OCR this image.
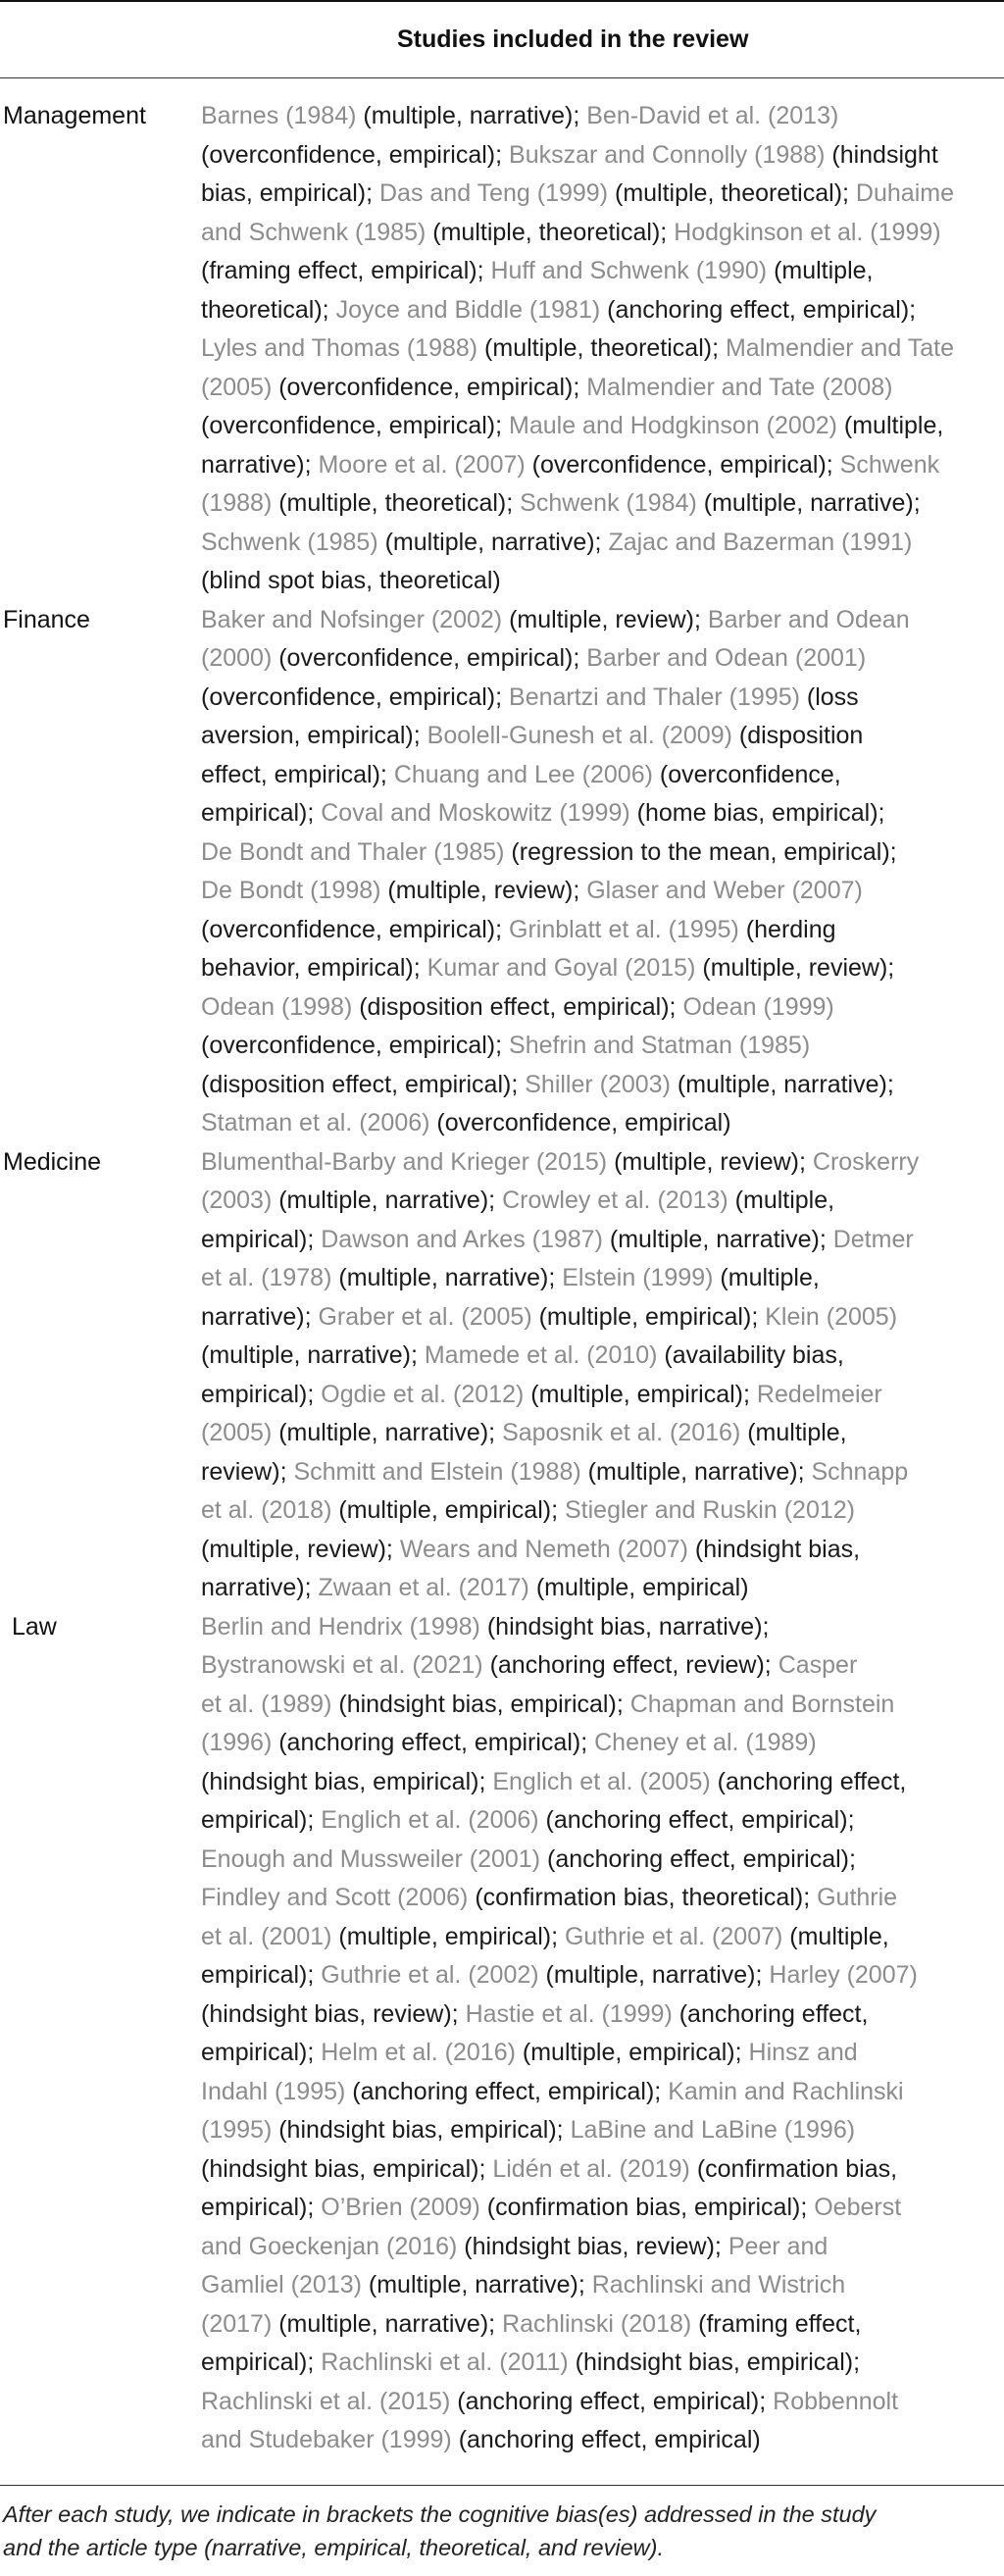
Studies included in the review
Management Barnes (1984) (multiple, narrative); Ben-David et al. (2013)
(overconfidence, empirical); Bukszar and Connolly (1988) (hindsight
bias, empirical); Das and Teng (1999) (multiple, theoretical); Duhaime
and Schwenk (1985) (multiple, theoretical); Hodgkinson et al. (1999)
(framing effect, empirical); Huff and Schwenk (1990) (multiple,
theoretical); Joyce and Biddle (1981) (anchoring effect, empirical);
Lyles and Thomas (1988) (multiple, theoretical); Malmendier and Tate
(2005) (overconfidence, empirical); Malmendier and Tate (2008)
(overconfidence, empirical); Maule and Hodgkinson (2002) (multiple,
narrative); Moore et al. (2007) (overconfidence, empirical); Schwenk
(1988) (multiple, theoretical); Schwenk (1984) (multiple, narrative);
Schwenk (1985) (multiple, narrative); Zajac and Bazerman (1991)
(blind spot bias, theoretical)
Finance	Baker and Nofsinger (2002) (multiple, review); Barber and Odean
(2000) (overconfidence, empirical); Barber and Odean (2001)
(overconfidence, empirical); Benartzi and Thaler (1995) (loss
aversion, empirical); Boolell-Gunesh et al. (2009) (disposition
effect, empirical); Chuang and Lee (2006) (overconfidence,
empirical); Coval and Moskowitz (1999) (home bias, empirical);
De Bondt and Thaler (1985) (regression to the mean, empirical);
De Bondt (1998) (multiple, review); Glaser and Weber (2007)
(overconfidence, empirical); Grinblatt et al. (1995) (herding
behavior, empirical); Kumar and Goyal (2015) (multiple, review);
Odean (1998) (disposition effect, empirical); Odean (1999)
(overconfidence, empirical); Shefrin and Statman (1985)
(disposition effect, empirical); Shiller (2003) (multiple, narrative);
Statman et al. (2006) (overconfidence, empirical)
Medicine	Blumenthal-Barby and Krieger (2015) (multiple, review); Croskerry
(2003) (multiple, narrative); Crowley et al. (2013) (multiple,
empirical); Dawson and Arkes (1987) (multiple, narrative); Detmer
et al. (1978) (multiple, narrative); Elstein (1999) (multiple,
narrative); Graber et al. (2005) (multiple, empirical); Klein (2005)
(multiple, narrative); Mamede et al. (2010) (availability bias,
empirical); Ogdie et al. (2012) (multiple, empirical); Redelmeier
(2005) (multiple, narrative); Saposnik et al. (2016) (multiple,
review); Schmitt and Elstein (1988) (multiple, narrative); Schnapp
et al. (2018) (multiple, empirical); Stiegler and Ruskin (2012)
(multiple, review); Wears and Nemeth (2007) (hindsight bias,
narrative); Zwaan et al. (2017) (multiple, empirical)
Law	Berlin and Hendrix (1998) (hindsight bias, narrative);
Bystranowski et al. (2021) (anchoring effect, review); Casper
et al. (1989) (hindsight bias, empirical); Chapman and Bornstein
(1996) (anchoring effect, empirical); Cheney et al. (1989)
(hindsight bias, empirical); Englich et al. (2005) (anchoring effect,
empirical); Englich et al. (2006) (anchoring effect, empirical);
Enough and Mussweiler (2001) (anchoring effect, empirical);
Findley and Scott (2006) (confirmation bias, theoretical); Guthrie
et al. (2001) (multiple, empirical); Guthrie et al. (2007) (multiple,
empirical); Guthrie et al. (2002) (multiple, narrative); Harley (2007)
(hindsight bias, review); Hastie et al. (1999) (anchoring effect,
empirical); Helm et al. (2016) (multiple, empirical); Hinsz and
Indahl (1995) (anchoring effect, empirical); Kamin and Rachlinski
(1995) (hindsight bias, empirical); LaBine and LaBine (1996)
(hindsight bias, empirical); Lidén et al. (2019) (confirmation bias,
empirical); O’Brien (2009) (confirmation bias, empirical); Oeberst
and Goeckenjan (2016) (hindsight bias, review); Peer and
Gamliel (2013) (multiple, narrative); Rachlinski and Wistrich
(2017) (multiple, narrative); Rachlinski (2018) (framing effect,
empirical); Rachlinski et al. (2011) (hindsight bias, empirical);
Rachlinski et al. (2015) (anchoring effect, empirical); Robbennolt
and Studebaker (1999) (anchoring effect, empirical)
After each study, we indicate in brackets the cognitive bias(es) addressed in the study
and the article type (narrative, empirical, theoretical, and review).
